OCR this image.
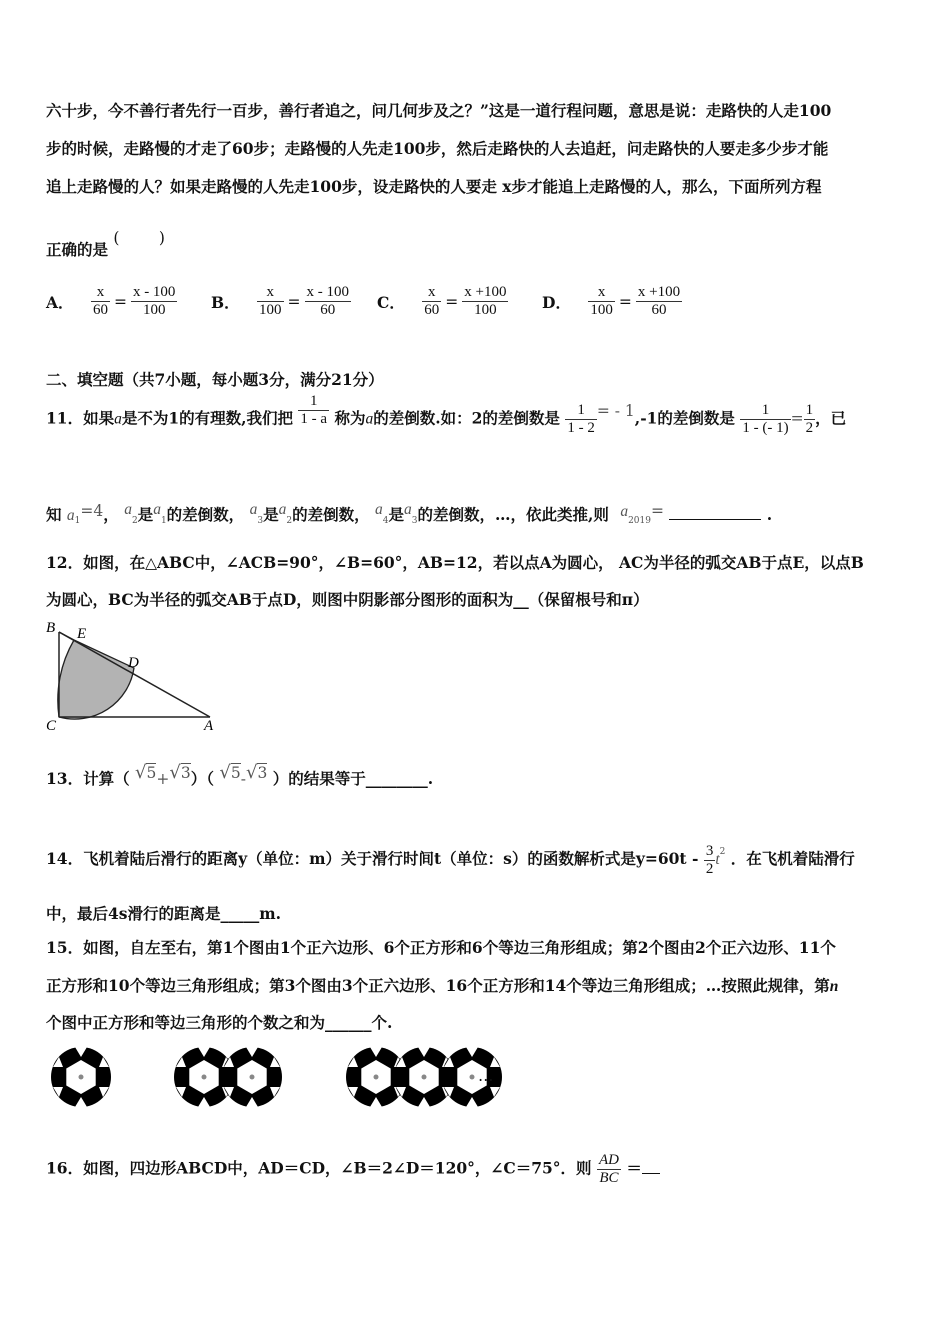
六十步，今不善行者先行一百步，善行者追之，问几何步及之？”这是一道行程问题，意思是说：走路快的人走100
步的时候，走路慢的才走了60步；走路慢的人先走100步，然后走路快的人去追赶，问走路快的人要走多少步才能
追上走路慢的人？如果走路慢的人先走100步，设走路快的人要走 x步才能追上走路慢的人，那么，下面所列方程
正确的是 (        )
A． $\frac{x}{60} = \frac{x - 100}{100}$ B． $\frac{x}{100} = \frac{x - 100}{60}$ C． $\frac{x}{60} = \frac{x +100}{100}$ D． $\frac{x}{100} = \frac{x +100}{60}$
二、填空题（共7小题，每小题3分，满分21分）
11．如果a是不为1的有理数,我们把 $\frac{1}{1 - a}$ 称为a的差倒数.如：2的差倒数是 $\frac{1}{1 - 2}$ = - 1,-1的差倒数是 $\frac{1}{1 - (- 1)} = \frac{1}{2}$ ，已
知 $a_1=4$， $a_2$是$a_1$的差倒数， $a_3$是$a_2$的差倒数， $a_4$是$a_3$的差倒数，…，依此类推,则 $a_{2019}=$	.
12．如图，在△ABC中，∠ACB=90°，∠B=60°，AB=12，若以点A为圆心， AC为半径的弧交AB于点E，以点B
为圆心，BC为半径的弧交AB于点D，则图中阴影部分图形的面积为__（保留根号和π）
B E
D
C	A
13．计算（ √5+√3）（ √5-√3 ）的结果等于________.
14．飞机着陆后滑行的距离y（单位：m）关于滑行时间t（单位：s）的函数解析式是$y=60t - \frac{3}{2} t^2$ ．在飞机着陆滑行
中，最后4s滑行的距离是_____m.
15．如图，自左至右，第1个图由1个正六边形、6个正方形和6个等边三角形组成；第2个图由2个正六边形、11个
正方形和10个等边三角形组成；第3个图由3个正六边形、16个正方形和14个等边三角形组成；…按照此规律，第n
个图中正方形和等边三角形的个数之和为______个.
…
16．如图，四边形ABCD中，AD＝CD，∠B＝2∠D＝120°，∠C＝75°．则 $\frac{AD}{BC}$ ＝
